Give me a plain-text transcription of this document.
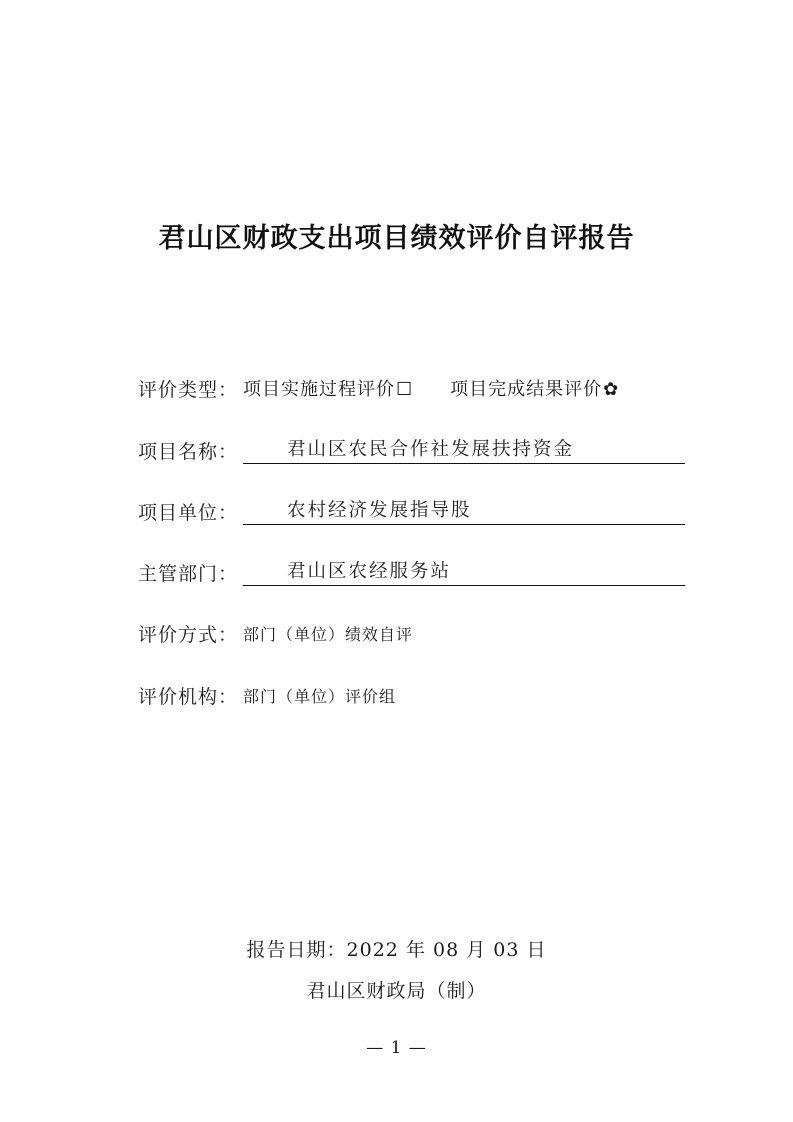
君山区财政支出项目绩效评价自评报告
评价类型 ： 项目实施过程评价 ☐ 项目完成结果评价 ✿
项目名称 ：	君山区农民合作社发展扶持资金
项目单位 ：	农村经济发展指导股
主管部门 ：	君山区农经服务站
评价方式 ： 部门（单位）绩效自评
评价机构 ： 部门（单位）评价组
报告日期：2022 年 08 月 03 日
君山区财政局（制）
— 1 —
